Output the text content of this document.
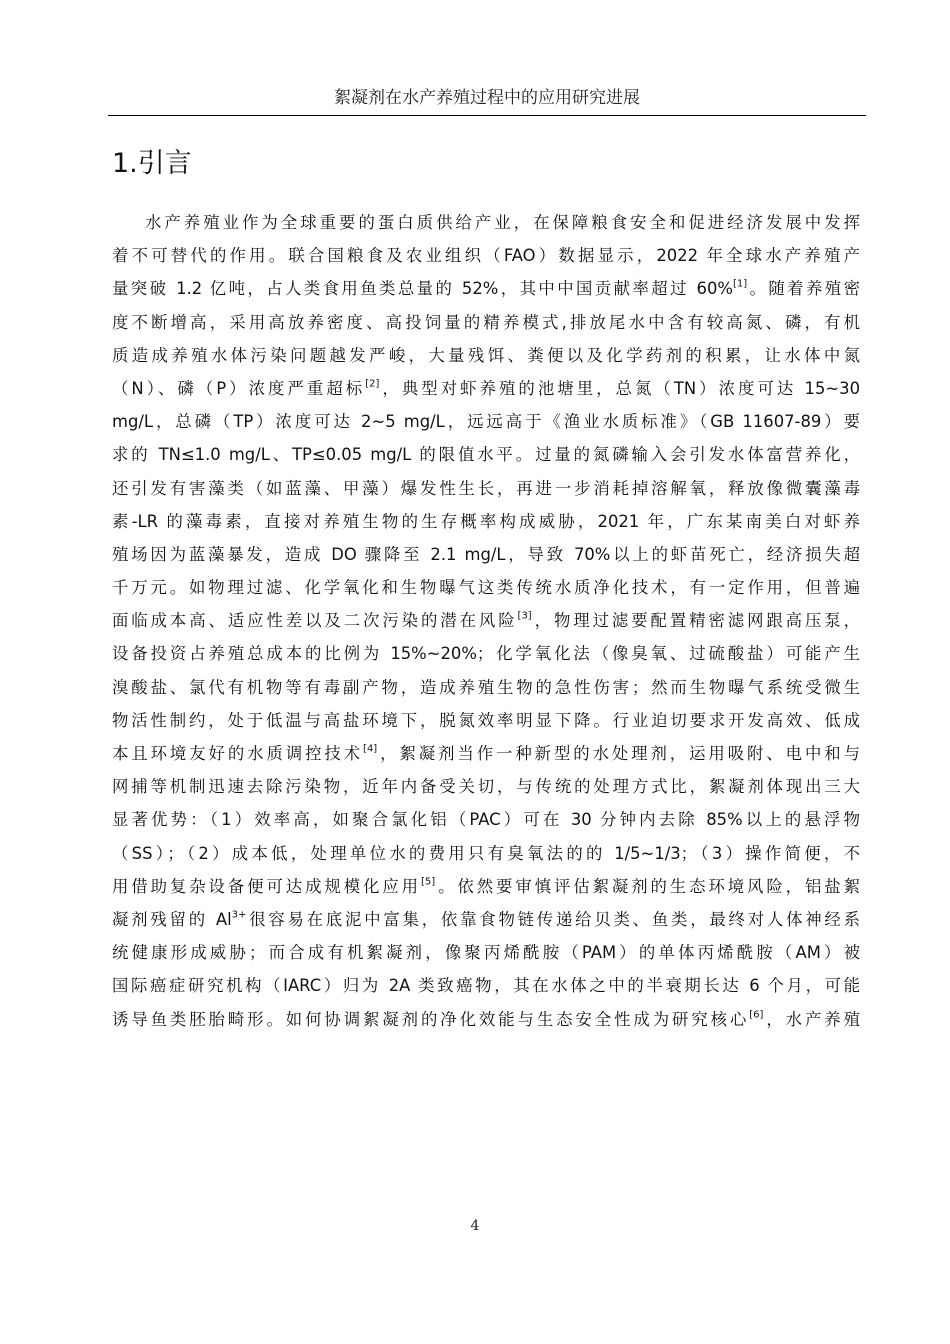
絮凝剂在水产养殖过程中的应用研究进展
1.引言
水产养殖业作为全球重要的蛋白质供给产业，在保障粮食安全和促进经济发展中发挥
着不可替代的作用。联合国粮食及农业组织（FAO）数据显示，2022 年全球水产养殖产
量突破 1.2 亿吨，占人类食用鱼类总量的 52%，其中中国贡献率超过 60%[1]。随着养殖密
度不断增高，采用高放养密度、高投饲量的精养模式,排放尾水中含有较高氮、磷，有机
质造成养殖水体污染问题越发严峻，大量残饵、粪便以及化学药剂的积累，让水体中氮
（N）、磷（P）浓度严重超标[2]，典型对虾养殖的池塘里，总氮（TN）浓度可达 15~30
mg/L，总磷（TP）浓度可达 2~5 mg/L，远远高于《渔业水质标准》（GB 11607-89）要
求的 TN≤1.0 mg/L、TP≤0.05 mg/L 的限值水平。过量的氮磷输入会引发水体富营养化，
还引发有害藻类（如蓝藻、甲藻）爆发性生长，再进一步消耗掉溶解氧，释放像微囊藻毒
素-LR 的藻毒素，直接对养殖生物的生存概率构成威胁，2021 年，广东某南美白对虾养
殖场因为蓝藻暴发，造成 DO 骤降至 2.1 mg/L，导致 70%以上的虾苗死亡，经济损失超
千万元。如物理过滤、化学氧化和生物曝气这类传统水质净化技术，有一定作用，但普遍
面临成本高、适应性差以及二次污染的潜在风险[3]，物理过滤要配置精密滤网跟高压泵，
设备投资占养殖总成本的比例为 15%~20%；化学氧化法（像臭氧、过硫酸盐）可能产生
溴酸盐、氯代有机物等有毒副产物，造成养殖生物的急性伤害；然而生物曝气系统受微生
物活性制约，处于低温与高盐环境下，脱氮效率明显下降。行业迫切要求开发高效、低成
本且环境友好的水质调控技术[4]，絮凝剂当作一种新型的水处理剂，运用吸附、电中和与
网捕等机制迅速去除污染物，近年内备受关切，与传统的处理方式比，絮凝剂体现出三大
显著优势：（1）效率高，如聚合氯化铝（PAC）可在 30 分钟内去除 85%以上的悬浮物
（SS）；（2）成本低，处理单位水的费用只有臭氧法的的 1/5~1/3；（3）操作简便，不
用借助复杂设备便可达成规模化应用[5]。依然要审慎评估絮凝剂的生态环境风险，铝盐絮
凝剂残留的 $Al^{3+}$很容易在底泥中富集，依靠食物链传递给贝类、鱼类，最终对人体神经系
统健康形成威胁；而合成有机絮凝剂，像聚丙烯酰胺（PAM）的单体丙烯酰胺（AM）被
国际癌症研究机构（IARC）归为 2A 类致癌物，其在水体之中的半衰期长达 6 个月，可能
诱导鱼类胚胎畸形。如何协调絮凝剂的净化效能与生态安全性成为研究核心[6]，水产养殖
4
